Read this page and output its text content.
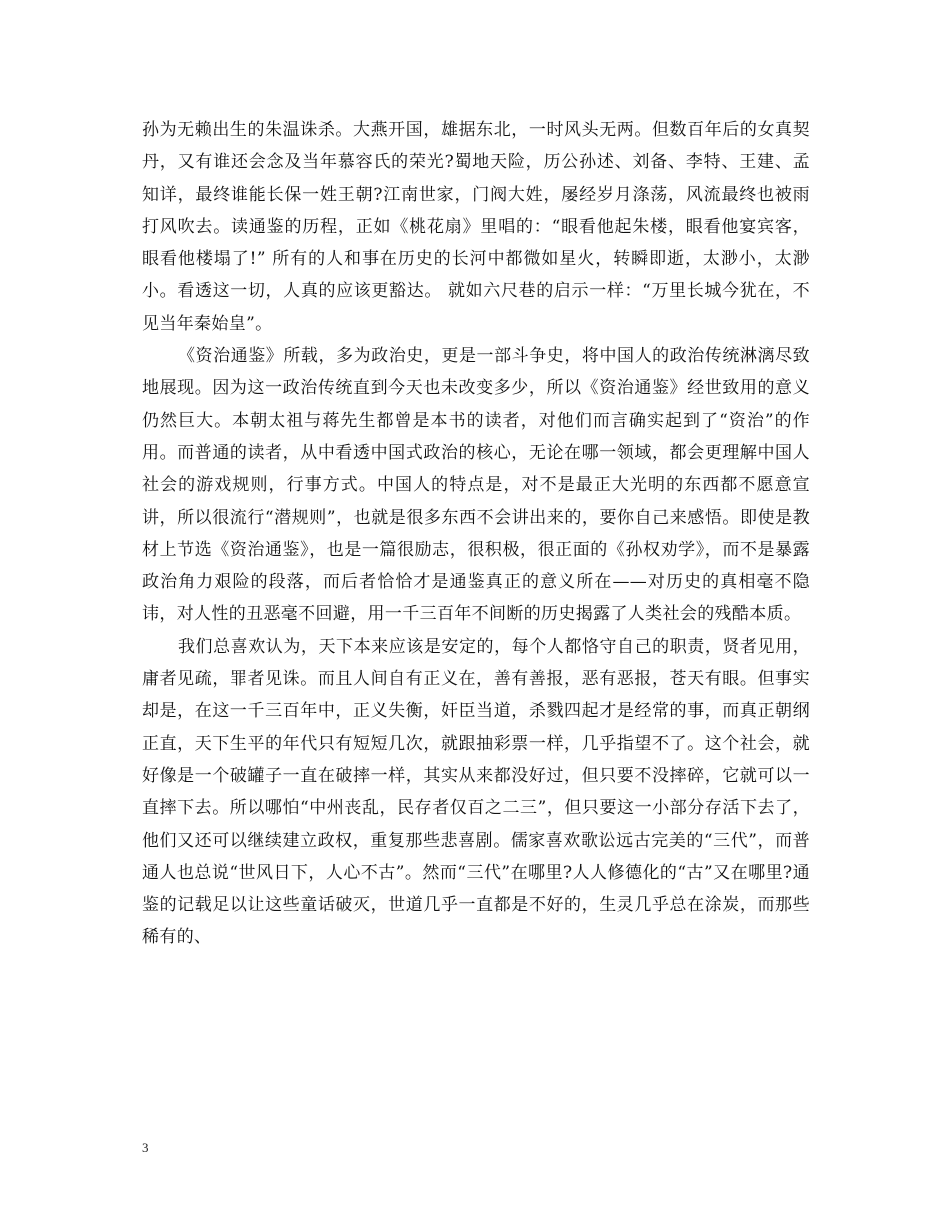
孙为无赖出生的朱温诛杀。大燕开国，雄据东北，一时风头无两。但数百年后的女真契丹，又有谁还会念及当年慕容氏的荣光?蜀地天险，历公孙述、刘备、李特、王建、孟知详，最终谁能长保一姓王朝?江南世家，门阀大姓，屡经岁月涤荡，风流最终也被雨打风吹去。读通鉴的历程，正如《桃花扇》里唱的：“眼看他起朱楼，眼看他宴宾客，眼看他楼塌了!” 所有的人和事在历史的长河中都微如星火，转瞬即逝，太渺小，太渺小。看透这一切，人真的应该更豁达。 就如六尺巷的启示一样：“万里长城今犹在，不见当年秦始皇”。

《资治通鉴》所载，多为政治史，更是一部斗争史，将中国人的政治传统淋漓尽致地展现。因为这一政治传统直到今天也未改变多少，所以《资治通鉴》经世致用的意义仍然巨大。本朝太祖与蒋先生都曾是本书的读者，对他们而言确实起到了“资治”的作用。而普通的读者，从中看透中国式政治的核心，无论在哪一领域，都会更理解中国人社会的游戏规则，行事方式。中国人的特点是，对不是最正大光明的东西都不愿意宣讲，所以很流行“潜规则”，也就是很多东西不会讲出来的，要你自己来感悟。即使是教材上节选《资治通鉴》，也是一篇很励志，很积极，很正面的《孙权劝学》，而不是暴露政治角力艰险的段落，而后者恰恰才是通鉴真正的意义所在——对历史的真相毫不隐讳，对人性的丑恶毫不回避，用一千三百年不间断的历史揭露了人类社会的残酷本质。

我们总喜欢认为，天下本来应该是安定的，每个人都恪守自己的职责，贤者见用，庸者见疏，罪者见诛。而且人间自有正义在，善有善报，恶有恶报，苍天有眼。但事实却是，在这一千三百年中，正义失衡，奸臣当道，杀戮四起才是经常的事，而真正朝纲正直，天下生平的年代只有短短几次，就跟抽彩票一样，几乎指望不了。这个社会，就好像是一个破罐子一直在破摔一样，其实从来都没好过，但只要不没摔碎，它就可以一直摔下去。所以哪怕“中州丧乱，民存者仅百之二三”，但只要这一小部分存活下去了，他们又还可以继续建立政权，重复那些悲喜剧。儒家喜欢歌讼远古完美的“三代”，而普通人也总说“世风日下，人心不古”。然而“三代”在哪里?人人修德化的“古”又在哪里?通鉴的记载足以让这些童话破灭，世道几乎一直都是不好的，生灵几乎总在涂炭，而那些稀有的、

3
